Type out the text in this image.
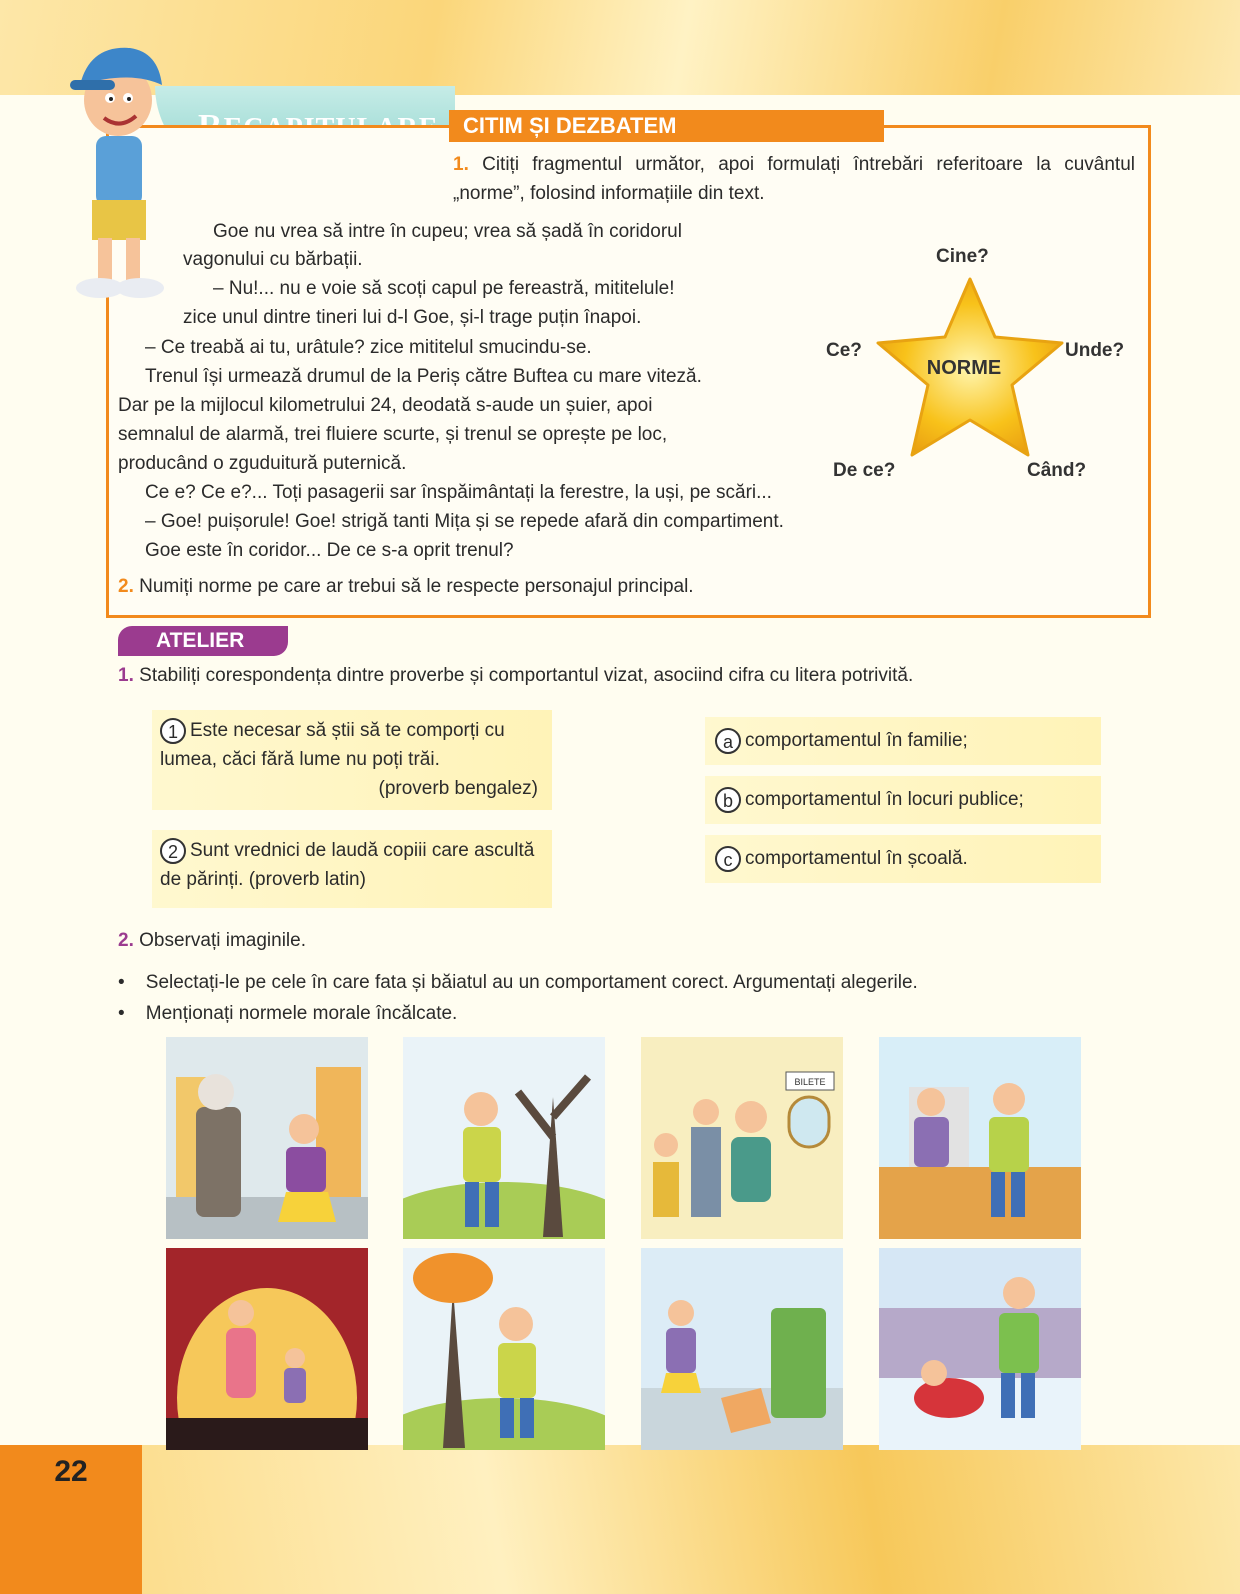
22
CITIM ȘI DEZBATEM
1. Citiți fragmentul următor, apoi formulați întrebări referitoare la cuvântul „norme”, folosind informațiile din text.
Goe nu vrea să intre în cupeu; vrea să șadă în coridorul
vagonului cu bărbații.
– Nu!... nu e voie să scoți capul pe fereastră, mititelule!
zice unul dintre tineri lui d-l Goe, și-l trage puțin înapoi.
– Ce treabă ai tu, urâtule? zice mititelul smucindu-se.
Trenul își urmează drumul de la Periș către Buftea cu mare viteză.
Dar pe la mijlocul kilometrului 24, deodată s-aude un șuier, apoi
semnalul de alarmă, trei fluiere scurte, și trenul se oprește pe loc,
producând o zguduitură puternică.
Ce e? Ce e?... Toți pasagerii sar înspăimântați la ferestre, la uși, pe scări...
– Goe! puișorule! Goe! strigă tanti Mița și se repede afară din compartiment.
Goe este în coridor... De ce s-a oprit trenul?
2. Numiți norme pe care ar trebui să le respecte personajul principal.
NORME
Cine?
Ce?	Unde?
De ce?	Când?
ATELIER
1. Stabiliți corespondența dintre proverbe și comportantul vizat, asociind cifra cu litera potrivită.
1 Este necesar să știi să te comporți cu lumea, căci fără lume nu poți trăi.
(proverb bengalez)
2 Sunt vrednici de laudă copiii care ascultă de părinți. (proverb latin)
a comportamentul în familie;
b comportamentul în locuri publice;
c comportamentul în școală.
2. Observați imaginile.
•    Selectați-le pe cele în care fata și băiatul au un comportament corect. Argumentați alegerile.
•    Menționați normele morale încălcate.
BILETE
